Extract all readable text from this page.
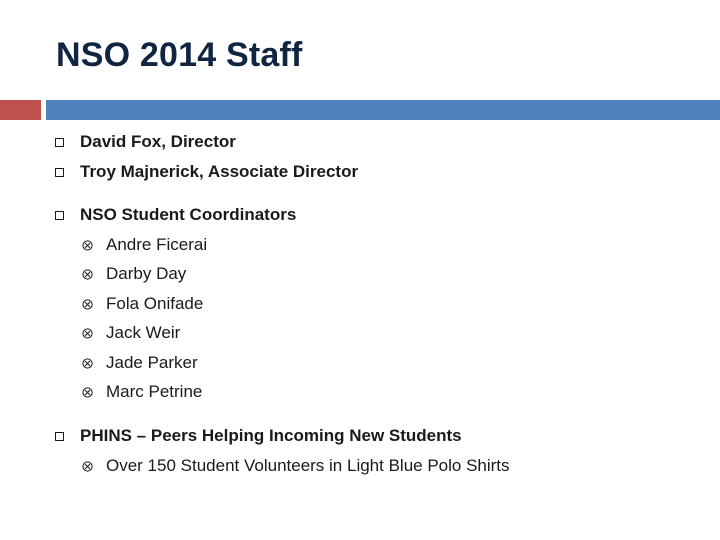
NSO 2014 Staff
David Fox, Director
Troy Majnerick, Associate Director
NSO Student Coordinators
Andre Ficerai
Darby Day
Fola Onifade
Jack Weir
Jade Parker
Marc Petrine
PHINS – Peers Helping Incoming New Students
Over 150 Student Volunteers in Light Blue Polo Shirts
